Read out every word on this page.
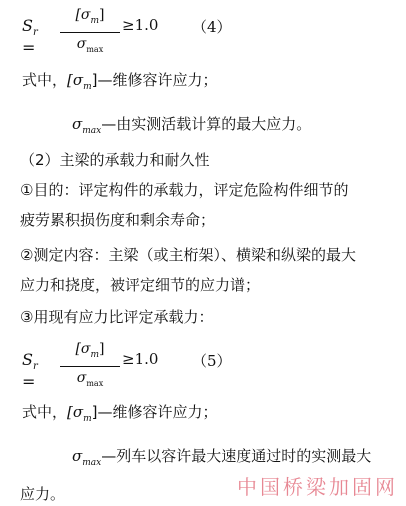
$S_r$ =
$[\sigma_m]$
$\sigma_{max}$
≥1.0 （4）
式中，$[\sigma_m]—$维修容许应力；
$\sigma_{max}—$由实测活载计算的最大应力。
（2）主梁的承载力和耐久性
①目的：评定构件的承载力，评定危险构件细节的
疲劳累积损伤度和剩余寿命；
②测定内容：主梁（或主桁架）、横梁和纵梁的最大
应力和挠度，被评定细节的应力谱；
③用现有应力比评定承载力：
$S_r$ =
$[\sigma_m]$
$\sigma_{max}$
≥1.0 （5）
式中，$[\sigma_m]—$维修容许应力；
$\sigma_{max}—$列车以容许最大速度通过时的实测最大
应力。	中国桥梁加固网
